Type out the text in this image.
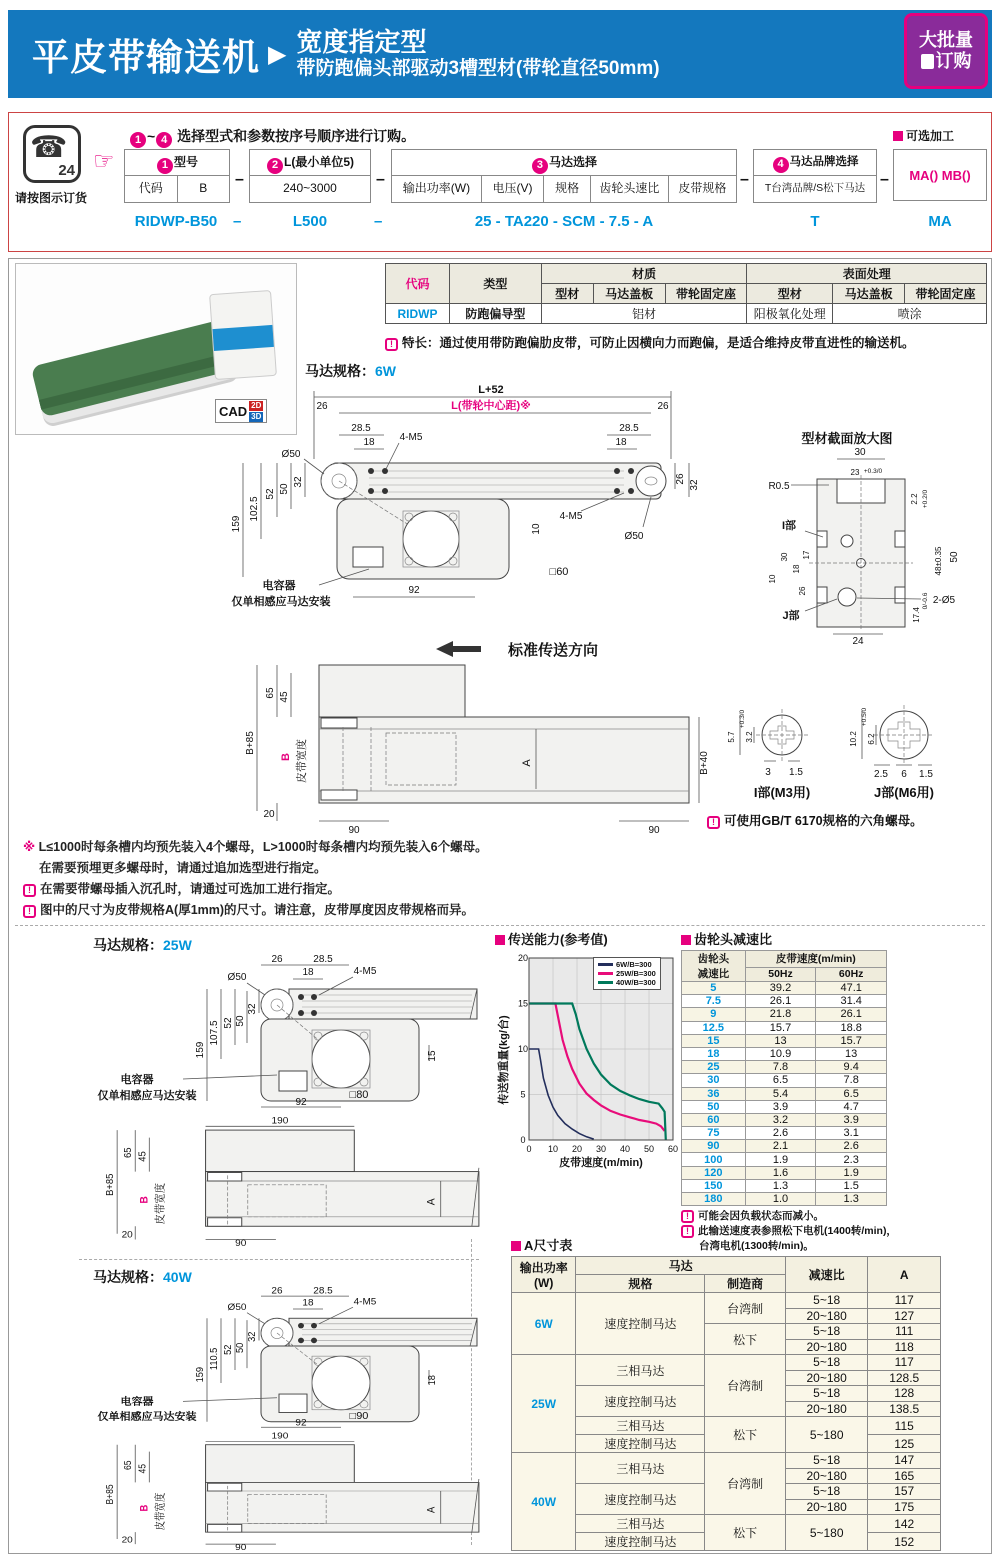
平皮带输送机 ▶ 宽度指定型
带防跑偏头部驱动3槽型材(带轮直径50mm)
大批量
订购
☎
24
请按图示订货
☞
1 ~ 4 选择型式和参数按序号顺序进行订购。
1 型号
代码	B	–
2 L(最小单位5)
240~3000	–
3 马达选择
输出功率(W)	电压(V)	规格	齿轮头速比	皮带规格 –
4 马达品牌选择
T台湾品牌/S松下马达 –
可选加工
MA() MB()
RIDWP-B50 –	L500	–	25 - TA220 - SCM - 7.5 - A	T	MA
CAD 2D
3D
代码	类型	材质			表面处理		
		型材	马达盖板	带轮固定座	型材	马达盖板	带轮固定座
RIDWP	防跑偏导型	铝材			阳极氧化处理	喷涂	
! 特长：通过使用带防跑偏肋皮带，可防止因横向力而跑偏，是适合维持皮带直进性的输送机。
马达规格：6W
L+52
L(带轮中心距)※
26	26
28.5
18	4-M5
Ø50
159
102.5
52 50
32	26
32
28.5
18
4-M5
Ø50
10
□60
92
电容器
仅单相感应马达安装
型材截面放大图
R0.5
30
23 +0.3/0
2.2 +0.2/0
I部
10
30
18
17
26
J部
24
17.4
0/-0.6
48±0.35 50
2-Ø5
标准传送方向
B+85
65 45
B 皮带宽度
20
90	90
A	B+40
5.7
+0.3/0
3.2
3 1.5
10.2
+0.5/0
6.2
2.5 6 1.5
I部(M3用)	J部(M6用)
! 可使用GB/T 6170规格的六角螺母。
※ L≤1000时每条槽内均预先装入4个螺母，L>1000时每条槽内均预先装入6个螺母。
在需要预埋更多螺母时，请通过追加选型进行指定。
! 在需要带螺母插入沉孔时，请通过可选加工进行指定。
! 图中的尺寸为皮带规格A(厚1mm)的尺寸。请注意，皮带厚度因皮带规格而异。
马达规格：25W
26	28.5
Ø50	18	4-M5
159
107.5 52 50
32
15
□80
92
电容器
仅单相感应马达安装
190
B+85
65 45
B 皮带宽度
20
90
A
马达规格：40W
26	28.5
Ø50	18	4-M5
159
110.5 52 50
32
18
□90
92
电容器
仅单相感应马达安装
190
B+85
65 45
B 皮带宽度
20
90
A
传送能力(参考值)
0 10 20 30 40 50 60
0
5
10
15
20
传送物重量(kg/台)
皮带速度(m/min)
6W/B=300
25W/B=300
40W/B=300
齿轮头减速比
齿轮头
减速比	皮带速度(m/min)	
	50Hz	60Hz
5	39.2	47.1
7.5	26.1	31.4
9	21.8	26.1
12.5	15.7	18.8
15	13	15.7
18	10.9	13
25	7.8	9.4
30	6.5	7.8
36	5.4	6.5
50	3.9	4.7
60	3.2	3.9
75	2.6	3.1
90	2.1	2.6
100	1.9	2.3
120	1.6	1.9
150	1.3	1.5
180	1.0	1.3
! 可能会因负载状态而减小。
! 此输送速度表参照松下电机(1400转/min)，
台湾电机(1300转/min)。
A尺寸表
输出功率(W)	马达		减速比	A
	规格	制造商		
6W	速度控制马达	台湾制	5~18	117
			20~180	127
		松下	5~18	111
			20~180	118
25W	三相马达	台湾制	5~18	117
			20~180	128.5
	速度控制马达		5~18	128
			20~180	138.5
	三相马达	松下	5~180	115
	速度控制马达			125
40W	三相马达	台湾制	5~18	147
			20~180	165
	速度控制马达		5~18	157
			20~180	175
	三相马达	松下	5~180	142
	速度控制马达			152
